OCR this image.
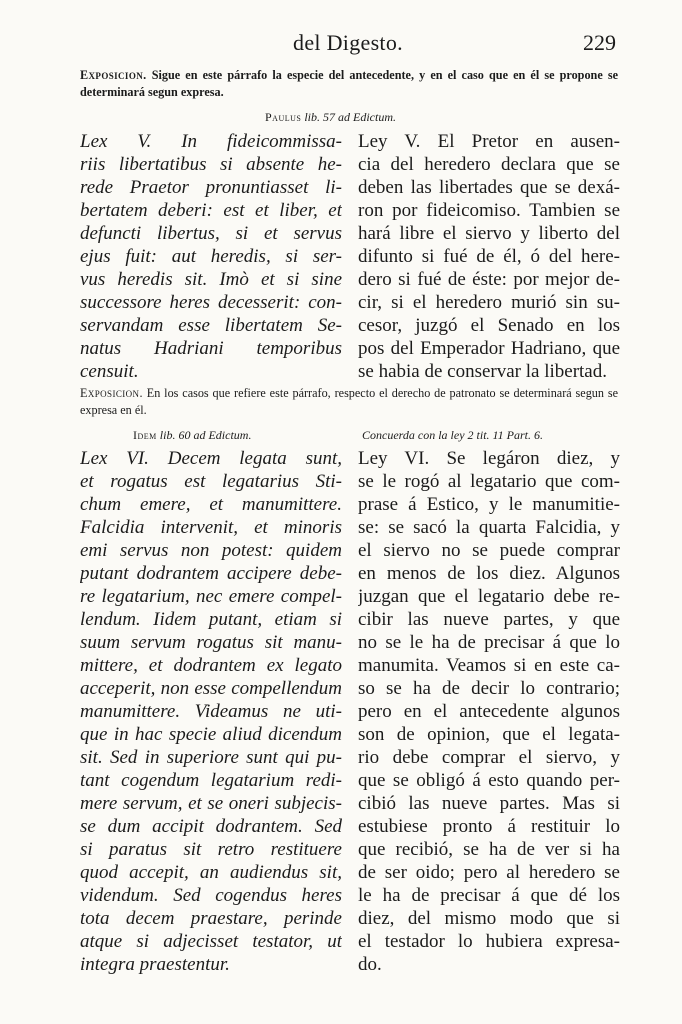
del Digesto.	229
Exposicion. Sigue en este párrafo la especie del antecedente, y en el caso que en él se propone se determinará segun expresa.
Paulus lib. 57 ad Edictum.
Lex V. In fideicommissa-
riis libertatibus si absente he-
rede Praetor pronuntiasset li-
bertatem deberi: est et liber, et
defuncti libertus, si et servus
ejus fuit: aut heredis, si ser-
vus heredis sit. Imò et si sine
successore heres decesserit: con-
servandam esse libertatem Se-
natus Hadriani temporibus
censuit.
Ley V. El Pretor en ausen-
cia del heredero declara que se
deben las libertades que se dexá-
ron por fideicomiso. Tambien se
hará libre el siervo y liberto del
difunto si fué de él, ó del here-
dero si fué de éste: por mejor de-
cir, si el heredero murió sin su-
cesor, juzgó el Senado en los
pos del Emperador Hadriano, que
se habia de conservar la libertad.
Exposicion. En los casos que refiere este párrafo, respecto el derecho de patronato se determinará segun se expresa en él.
Idem lib. 60 ad Edictum.	Concuerda con la ley 2 tit. 11 Part. 6.
Lex VI. Decem legata sunt,
et rogatus est legatarius Sti-
chum emere, et manumittere.
Falcidia intervenit, et minoris
emi servus non potest: quidem
putant dodrantem accipere debe-
re legatarium, nec emere compel-
lendum. Iidem putant, etiam si
suum servum rogatus sit manu-
mittere, et dodrantem ex legato
acceperit, non esse compellendum
manumittere. Videamus ne uti-
que in hac specie aliud dicendum
sit. Sed in superiore sunt qui pu-
tant cogendum legatarium redi-
mere servum, et se oneri subjecis-
se dum accipit dodrantem. Sed
si paratus sit retro restituere
quod accepit, an audiendus sit,
videndum. Sed cogendus heres
tota decem praestare, perinde
atque si adjecisset testator, ut
integra praestentur.
Ley VI. Se legáron diez, y
se le rogó al legatario que com-
prase á Estico, y le manumitie-
se: se sacó la quarta Falcidia, y
el siervo no se puede comprar
en menos de los diez. Algunos
juzgan que el legatario debe re-
cibir las nueve partes, y que
no se le ha de precisar á que lo
manumita. Veamos si en este ca-
so se ha de decir lo contrario;
pero en el antecedente algunos
son de opinion, que el legata-
rio debe comprar el siervo, y
que se obligó á esto quando per-
cibió las nueve partes. Mas si
estubiese pronto á restituir lo
que recibió, se ha de ver si ha
de ser oido; pero al heredero se
le ha de precisar á que dé los
diez, del mismo modo que si
el testador lo hubiera expresa-
do.
